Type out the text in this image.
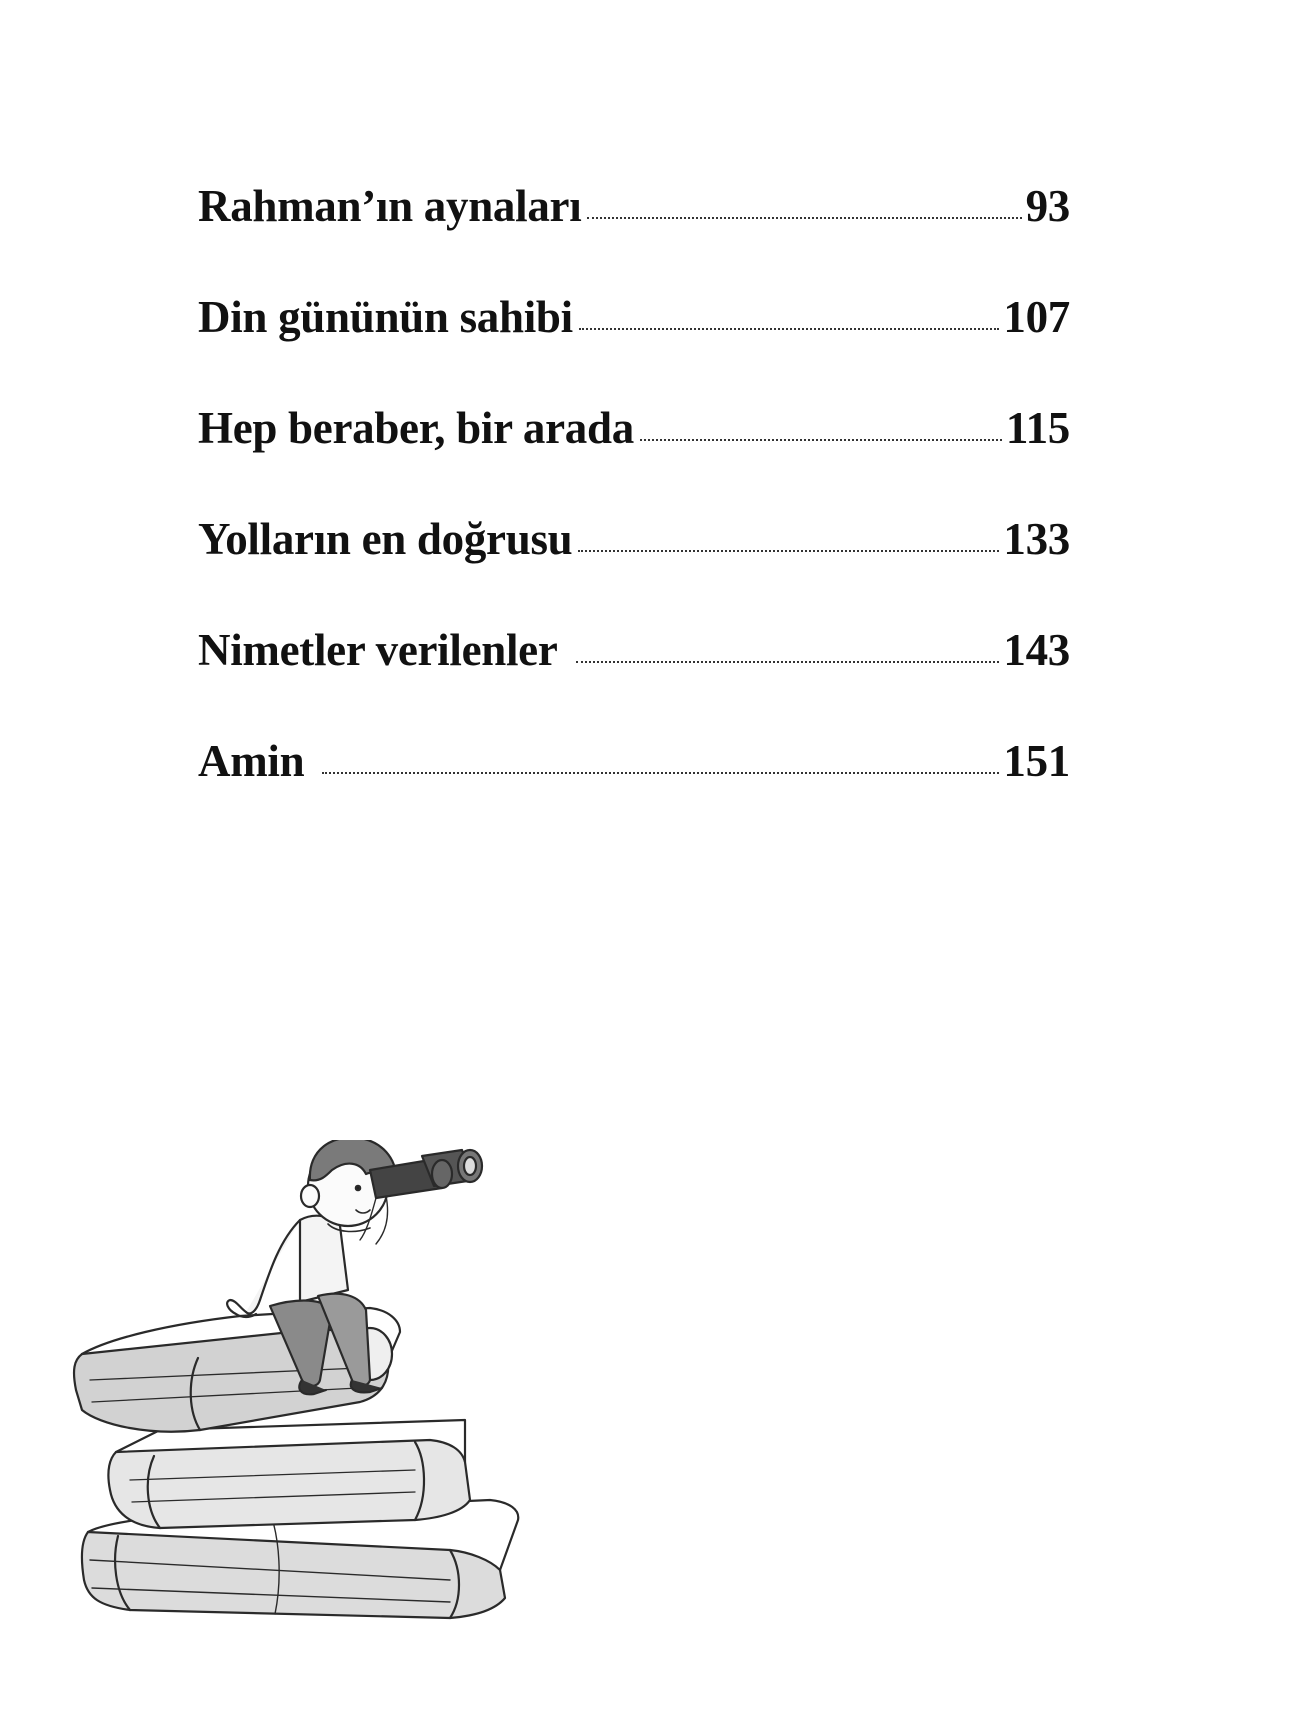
Rahman’ın aynaları	93
Din gününün sahibi	107
Hep beraber, bir arada	115
Yolların en doğrusu	133
Nimetler verilenler	143
Amin	151
